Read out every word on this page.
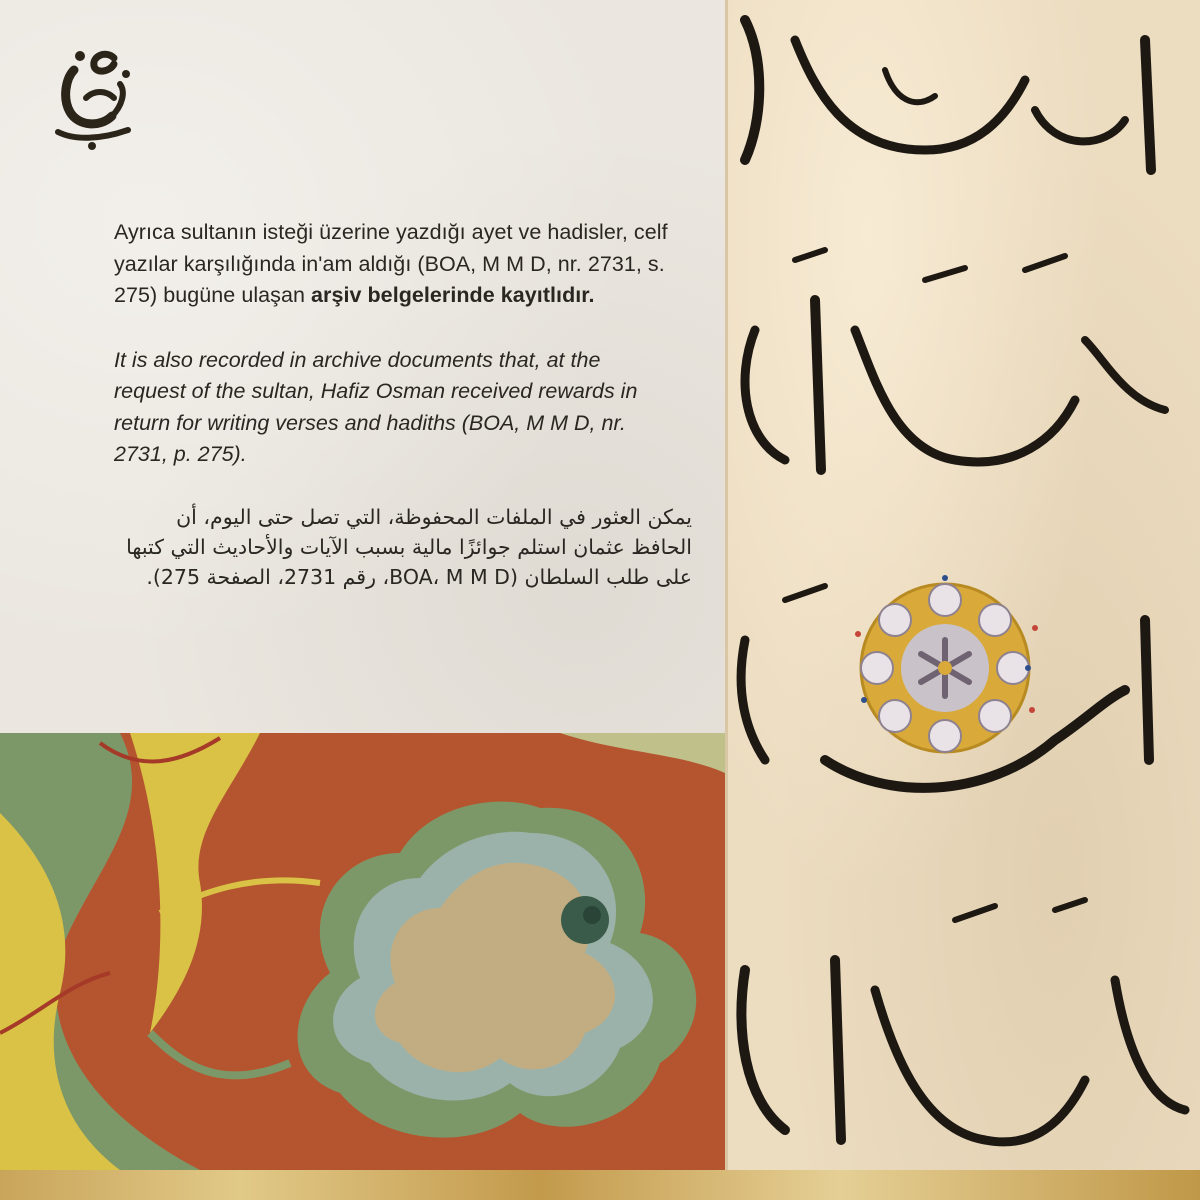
Ayrıca sultanın isteği üzerine yazdığı ayet ve hadisler, celf yazılar karşılığında in'am aldığı (BOA, M M D, nr. 2731, s. 275) bugüne ulaşan arşiv belgelerinde kayıtlıdır.

It is also recorded in archive documents that, at the request of the sultan, Hafiz Osman received rewards in return for writing verses and hadiths (BOA, M M D, nr. 2731, p. 275).

يمكن العثور في الملفات المحفوظة، التي تصل حتى اليوم، أن الحافظ عثمان استلم جوائزًا مالية بسبب الآيات والأحاديث التي كتبها على طلب السلطان (BOA، M M D، رقم 2731، الصفحة 275).
